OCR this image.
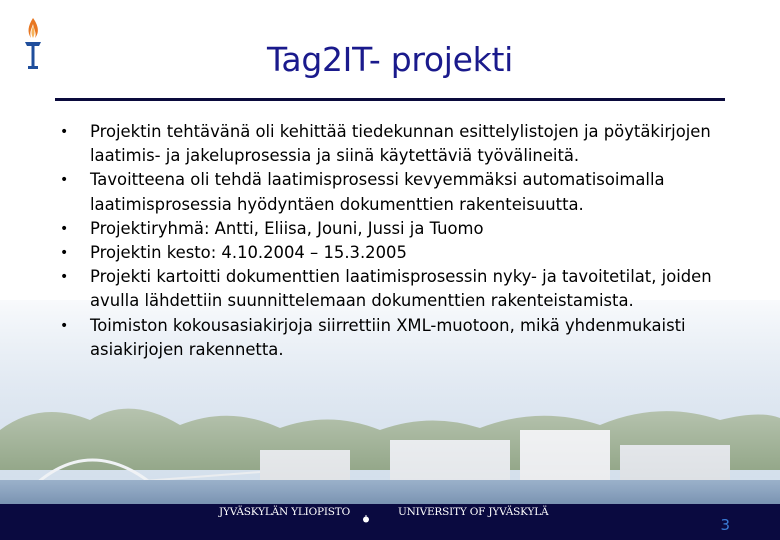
Tag2IT- projekti
• Projektin tehtävänä oli kehittää tiedekunnan esittelylistojen ja pöytäkirjojen laatimis- ja jakeluprosessia ja siinä käytettäviä työvälineitä.
• Tavoitteena oli tehdä laatimisprosessi kevyemmäksi automatisoimalla laatimisprosessia hyödyntäen dokumenttien rakenteisuutta.
• Projektiryhmä: Antti, Eliisa, Jouni, Jussi ja Tuomo
• Projektin kesto: 4.10.2004 – 15.3.2005
• Projekti kartoitti dokumenttien laatimisprosessin nyky- ja tavoitetilat, joiden avulla lähdettiin suunnittelemaan dokumenttien rakenteistamista.
• Toimiston kokousasiakirjoja siirrettiin XML-muotoon, mikä yhdenmukaisti asiakirjojen rakennetta.
JYVÄSKYLÄN YLIOPISTO	UNIVERSITY OF JYVÄSKYLÄ
3
